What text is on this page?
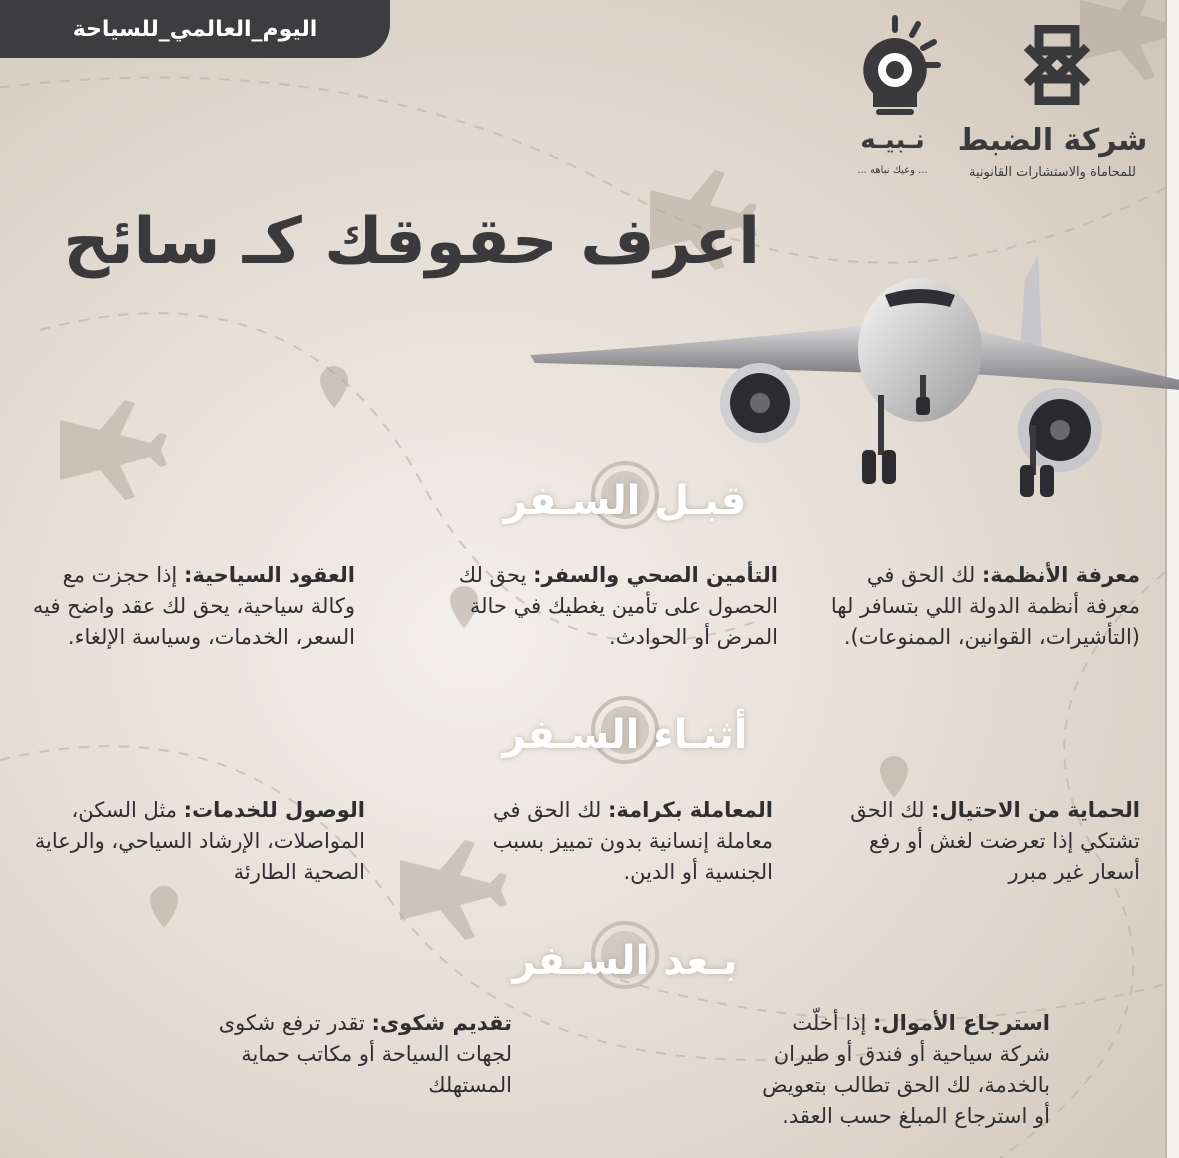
اليوم_العالمي_للسياحة
شركة الضبط
للمحاماة والاستشارات القانونية
نـبيـه
... وعيك نباهه ...
اعرف حقوقك كـ سائح
قبـل السـفر
أثنـاء السـفر
بـعد السـفر
معرفة الأنظمة: لك الحق في معرفة أنظمة الدولة اللي بتسافر لها (التأشيرات، القوانين، الممنوعات).
التأمين الصحي والسفر: يحق لك الحصول على تأمين يغطيك في حالة المرض أو الحوادث.
العقود السياحية: إذا حجزت مع وكالة سياحية، يحق لك عقد واضح فيه السعر، الخدمات، وسياسة الإلغاء.
الحماية من الاحتيال: لك الحق تشتكي إذا تعرضت لغش أو رفع أسعار غير مبرر
المعاملة بكرامة: لك الحق في معاملة إنسانية بدون تمييز بسبب الجنسية أو الدين.
الوصول للخدمات: مثل السكن، المواصلات، الإرشاد السياحي، والرعاية الصحية الطارئة
استرجاع الأموال: إذا أخلّت شركة سياحية أو فندق أو طيران بالخدمة، لك الحق تطالب بتعويض أو استرجاع المبلغ حسب العقد.
تقديم شكوى: تقدر ترفع شكوى لجهات السياحة أو مكاتب حماية المستهلك
